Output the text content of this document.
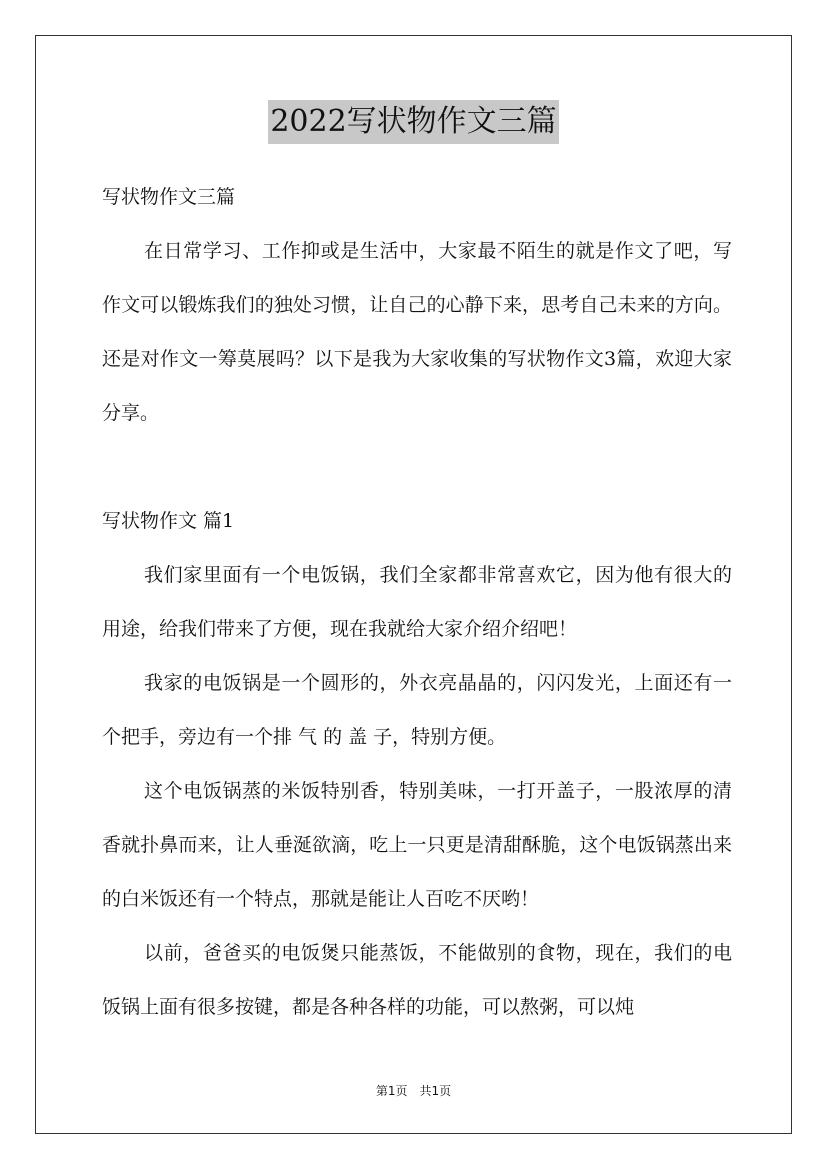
2022写状物作文三篇

写状物作文三篇

在日常学习、工作抑或是生活中，大家最不陌生的就是作文了吧，写作文可以锻炼我们的独处习惯，让自己的心静下来，思考自己未来的方向。还是对作文一筹莫展吗？以下是我为大家收集的写状物作文3篇，欢迎大家分享。

写状物作文 篇1

我们家里面有一个电饭锅，我们全家都非常喜欢它，因为他有很大的用途，给我们带来了方便，现在我就给大家介绍介绍吧！

我家的电饭锅是一个圆形的，外衣亮晶晶的，闪闪发光，上面还有一个把手，旁边有一个排 气 的 盖 子，特别方便。

这个电饭锅蒸的米饭特别香，特别美味，一打开盖子，一股浓厚的清香就扑鼻而来，让人垂涎欲滴，吃上一只更是清甜酥脆，这个电饭锅蒸出来的白米饭还有一个特点，那就是能让人百吃不厌哟！

以前，爸爸买的电饭煲只能蒸饭，不能做别的食物，现在，我们的电饭锅上面有很多按键，都是各种各样的功能，可以熬粥，可以炖

第1页　共1页
